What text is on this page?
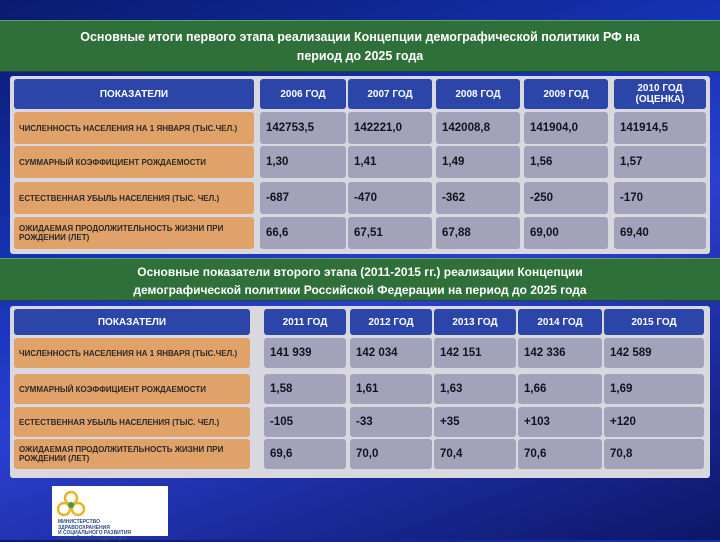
Основные итоги первого этапа реализации Концепции демографической политики РФ на
период до 2025 года
ПОКАЗАТЕЛИ	2006 ГОД	2007 ГОД	2008 ГОД	2009 ГОД	2010 ГОД (ОЦЕНКА)
ЧИСЛЕННОСТЬ НАСЕЛЕНИЯ НА 1 ЯНВАРЯ (ТЫС.ЧЕЛ.)	142753,5	142221,0	142008,8	141904,0	141914,5
СУММАРНЫЙ КОЭФФИЦИЕНТ РОЖДАЕМОСТИ	1,30	1,41	1,49	1,56	1,57
ЕСТЕСТВЕННАЯ УБЫЛЬ НАСЕЛЕНИЯ (ТЫС. ЧЕЛ.)	-687	-470	-362	-250	-170
ОЖИДАЕМАЯ ПРОДОЛЖИТЕЛЬНОСТЬ ЖИЗНИ ПРИ РОЖДЕНИИ (ЛЕТ)	66,6	67,51	67,88	69,00	69,40
Основные показатели второго этапа (2011-2015 гг.) реализации Концепции
демографической политики Российской Федерации на период до 2025 года
ПОКАЗАТЕЛИ	2011 ГОД	2012 ГОД	2013 ГОД	2014 ГОД	2015 ГОД
ЧИСЛЕННОСТЬ НАСЕЛЕНИЯ НА 1 ЯНВАРЯ (ТЫС.ЧЕЛ.)	141 939	142 034	142 151	142 336	142 589
СУММАРНЫЙ КОЭФФИЦИЕНТ РОЖДАЕМОСТИ	1,58	1,61	1,63	1,66	1,69
ЕСТЕСТВЕННАЯ УБЫЛЬ НАСЕЛЕНИЯ (ТЫС. ЧЕЛ.)	-105	-33	+35	+103	+120
ОЖИДАЕМАЯ ПРОДОЛЖИТЕЛЬНОСТЬ ЖИЗНИ ПРИ РОЖДЕНИИ (ЛЕТ)	69,6	70,0	70,4	70,6	70,8
МИНИСТЕРСТВО
ЗДРАВООХРАНЕНИЯ
И СОЦИАЛЬНОГО РАЗВИТИЯ
РОССИЙСКОЙ ФЕДЕРАЦИИ
